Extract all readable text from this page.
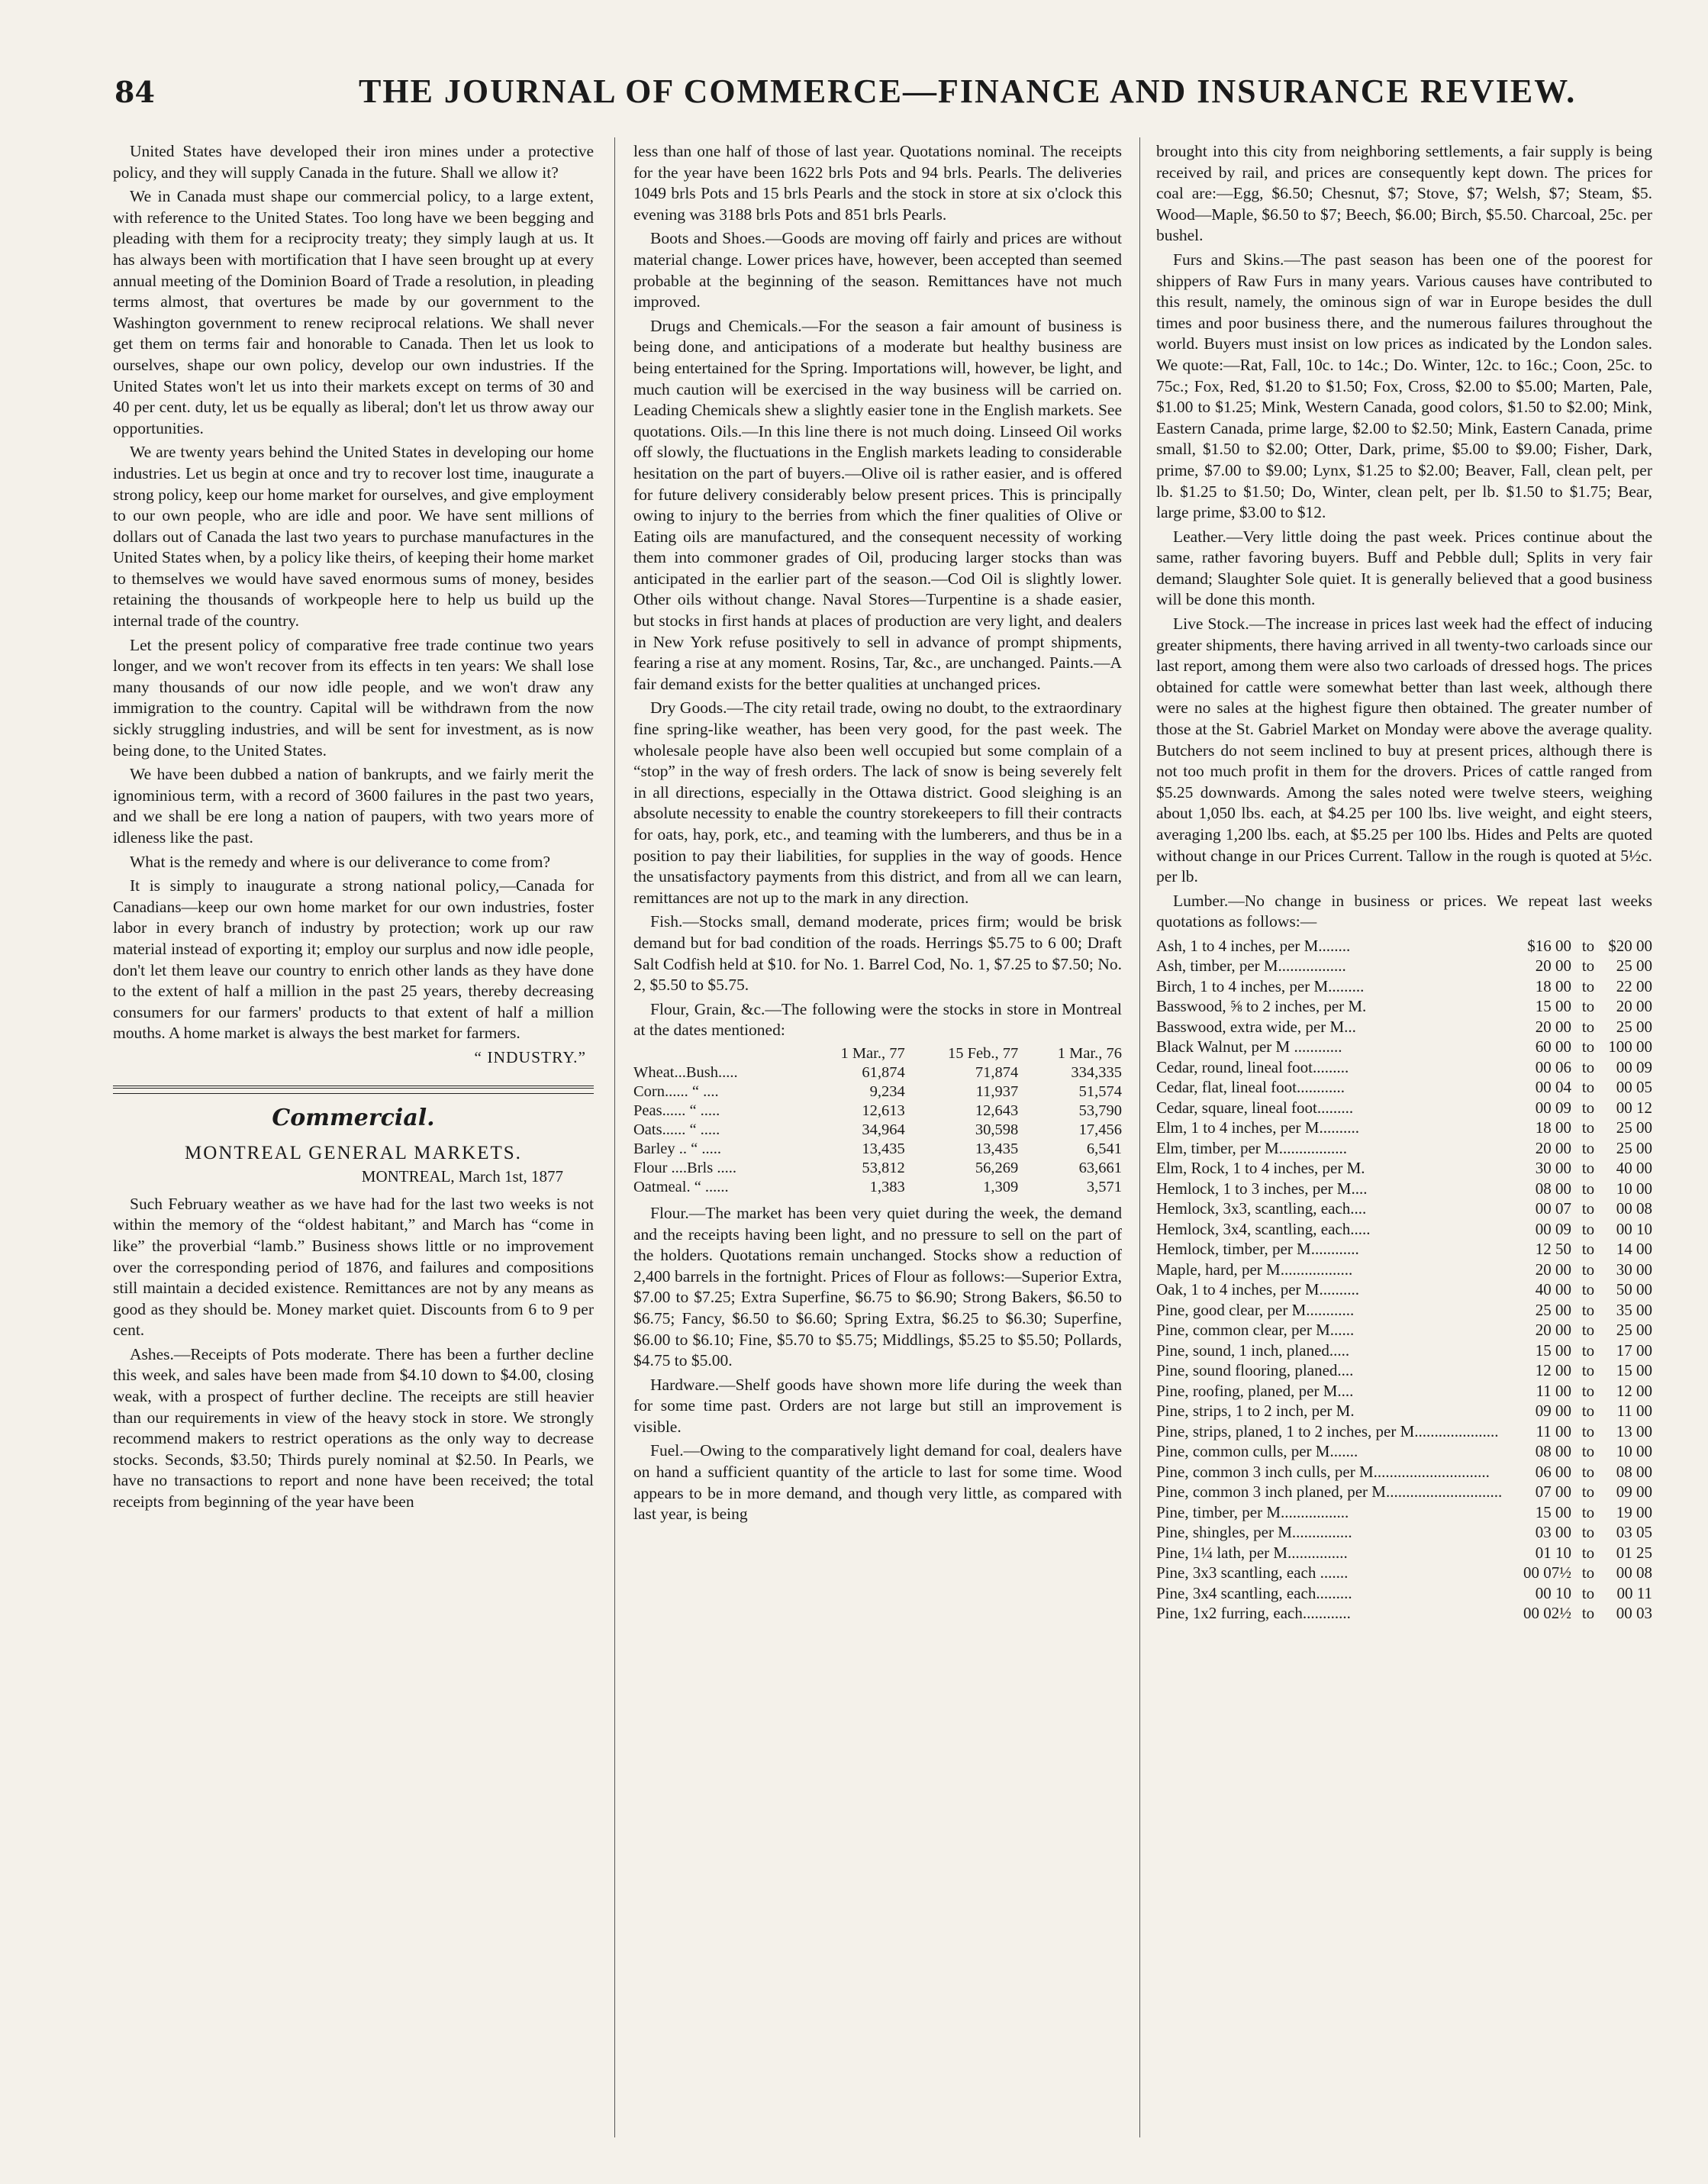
84	THE JOURNAL OF COMMERCE—FINANCE AND INSURANCE REVIEW.

United States have developed their iron mines under a protective policy, and they will supply Canada in the future. Shall we allow it?

We in Canada must shape our commercial policy, to a large extent, with reference to the United States. Too long have we been begging and pleading with them for a reciprocity treaty; they simply laugh at us. It has always been with mortification that I have seen brought up at every annual meeting of the Dominion Board of Trade a resolution, in pleading terms almost, that overtures be made by our government to the Washington government to renew reciprocal relations. We shall never get them on terms fair and honorable to Canada. Then let us look to ourselves, shape our own policy, develop our own industries. If the United States won't let us into their markets except on terms of 30 and 40 per cent. duty, let us be equally as liberal; don't let us throw away our opportunities.

We are twenty years behind the United States in developing our home industries. Let us begin at once and try to recover lost time, inaugurate a strong policy, keep our home market for ourselves, and give employment to our own people, who are idle and poor. We have sent millions of dollars out of Canada the last two years to purchase manufactures in the United States when, by a policy like theirs, of keeping their home market to themselves we would have saved enormous sums of money, besides retaining the thousands of workpeople here to help us build up the internal trade of the country.

Let the present policy of comparative free trade continue two years longer, and we won't recover from its effects in ten years: We shall lose many thousands of our now idle people, and we won't draw any immigration to the country. Capital will be withdrawn from the now sickly struggling industries, and will be sent for investment, as is now being done, to the United States.

We have been dubbed a nation of bankrupts, and we fairly merit the ignominious term, with a record of 3600 failures in the past two years, and we shall be ere long a nation of paupers, with two years more of idleness like the past.

What is the remedy and where is our deliverance to come from?

It is simply to inaugurate a strong national policy,—Canada for Canadians—keep our own home market for our own industries, foster labor in every branch of industry by protection; work up our raw material instead of exporting it; employ our surplus and now idle people, don't let them leave our country to enrich other lands as they have done to the extent of half a million in the past 25 years, thereby decreasing consumers for our farmers' products to that extent of half a million mouths. A home market is always the best market for farmers.

“ INDUSTRY.”
Commercial.
MONTREAL GENERAL MARKETS.
MONTREAL, March 1st, 1877

Such February weather as we have had for the last two weeks is not within the memory of the “oldest habitant,” and March has “come in like” the proverbial “lamb.” Business shows little or no improvement over the corresponding period of 1876, and failures and compositions still maintain a decided existence. Remittances are not by any means as good as they should be. Money market quiet. Discounts from 6 to 9 per cent.

Ashes.—Receipts of Pots moderate. There has been a further decline this week, and sales have been made from $4.10 down to $4.00, closing weak, with a prospect of further decline. The receipts are still heavier than our requirements in view of the heavy stock in store. We strongly recommend makers to restrict operations as the only way to decrease stocks. Seconds, $3.50; Thirds purely nominal at $2.50. In Pearls, we have no transactions to report and none have been received; the total receipts from beginning of the year have been

less than one half of those of last year. Quotations nominal. The receipts for the year have been 1622 brls Pots and 94 brls. Pearls. The deliveries 1049 brls Pots and 15 brls Pearls and the stock in store at six o'clock this evening was 3188 brls Pots and 851 brls Pearls.

Boots and Shoes.—Goods are moving off fairly and prices are without material change. Lower prices have, however, been accepted than seemed probable at the beginning of the season. Remittances have not much improved.

Drugs and Chemicals.—For the season a fair amount of business is being done, and anticipations of a moderate but healthy business are being entertained for the Spring. Importations will, however, be light, and much caution will be exercised in the way business will be carried on. Leading Chemicals shew a slightly easier tone in the English markets. See quotations. Oils.—In this line there is not much doing. Linseed Oil works off slowly, the fluctuations in the English markets leading to considerable hesitation on the part of buyers.—Olive oil is rather easier, and is offered for future delivery considerably below present prices. This is principally owing to injury to the berries from which the finer qualities of Olive or Eating oils are manufactured, and the consequent necessity of working them into commoner grades of Oil, producing larger stocks than was anticipated in the earlier part of the season.—Cod Oil is slightly lower. Other oils without change. Naval Stores—Turpentine is a shade easier, but stocks in first hands at places of production are very light, and dealers in New York refuse positively to sell in advance of prompt shipments, fearing a rise at any moment. Rosins, Tar, &c., are unchanged. Paints.—A fair demand exists for the better qualities at unchanged prices.

Dry Goods.—The city retail trade, owing no doubt, to the extraordinary fine spring-like weather, has been very good, for the past week. The wholesale people have also been well occupied but some complain of a “stop” in the way of fresh orders. The lack of snow is being severely felt in all directions, especially in the Ottawa district. Good sleighing is an absolute necessity to enable the country storekeepers to fill their contracts for oats, hay, pork, etc., and teaming with the lumberers, and thus be in a position to pay their liabilities, for supplies in the way of goods. Hence the unsatisfactory payments from this district, and from all we can learn, remittances are not up to the mark in any direction.

Fish.—Stocks small, demand moderate, prices firm; would be brisk demand but for bad condition of the roads. Herrings $5.75 to 6 00; Draft Salt Codfish held at $10. for No. 1. Barrel Cod, No. 1, $7.25 to $7.50; No. 2, $5.50 to $5.75.

Flour, Grain, &c.—The following were the stocks in store in Montreal at the dates mentioned:

	1 Mar., 77	15 Feb., 77	1 Mar., 76
Wheat...Bush.....	61,874	71,874	334,335
Corn...... “ ....	9,234	11,937	51,574
Peas...... “ .....	12,613	12,643	53,790
Oats...... “ .....	34,964	30,598	17,456
Barley .. “ .....	13,435	13,435	6,541
Flour ....Brls .....	53,812	56,269	63,661
Oatmeal. “ ......	1,383	1,309	3,571

Flour.—The market has been very quiet during the week, the demand and the receipts having been light, and no pressure to sell on the part of the holders. Quotations remain unchanged. Stocks show a reduction of 2,400 barrels in the fortnight. Prices of Flour as follows:—Superior Extra, $7.00 to $7.25; Extra Superfine, $6.75 to $6.90; Strong Bakers, $6.50 to $6.75; Fancy, $6.50 to $6.60; Spring Extra, $6.25 to $6.30; Superfine, $6.00 to $6.10; Fine, $5.70 to $5.75; Middlings, $5.25 to $5.50; Pollards, $4.75 to $5.00.

Hardware.—Shelf goods have shown more life during the week than for some time past. Orders are not large but still an improvement is visible.

Fuel.—Owing to the comparatively light demand for coal, dealers have on hand a sufficient quantity of the article to last for some time. Wood appears to be in more demand, and though very little, as compared with last year, is being

brought into this city from neighboring settlements, a fair supply is being received by rail, and prices are consequently kept down. The prices for coal are:—Egg, $6.50; Chesnut, $7; Stove, $7; Welsh, $7; Steam, $5. Wood—Maple, $6.50 to $7; Beech, $6.00; Birch, $5.50. Charcoal, 25c. per bushel.

Furs and Skins.—The past season has been one of the poorest for shippers of Raw Furs in many years. Various causes have contributed to this result, namely, the ominous sign of war in Europe besides the dull times and poor business there, and the numerous failures throughout the world. Buyers must insist on low prices as indicated by the London sales. We quote:—Rat, Fall, 10c. to 14c.; Do. Winter, 12c. to 16c.; Coon, 25c. to 75c.; Fox, Red, $1.20 to $1.50; Fox, Cross, $2.00 to $5.00; Marten, Pale, $1.00 to $1.25; Mink, Western Canada, good colors, $1.50 to $2.00; Mink, Eastern Canada, prime large, $2.00 to $2.50; Mink, Eastern Canada, prime small, $1.50 to $2.00; Otter, Dark, prime, $5.00 to $9.00; Fisher, Dark, prime, $7.00 to $9.00; Lynx, $1.25 to $2.00; Beaver, Fall, clean pelt, per lb. $1.25 to $1.50; Do, Winter, clean pelt, per lb. $1.50 to $1.75; Bear, large prime, $3.00 to $12.

Leather.—Very little doing the past week. Prices continue about the same, rather favoring buyers. Buff and Pebble dull; Splits in very fair demand; Slaughter Sole quiet. It is generally believed that a good business will be done this month.

Live Stock.—The increase in prices last week had the effect of inducing greater shipments, there having arrived in all twenty-two carloads since our last report, among them were also two carloads of dressed hogs. The prices obtained for cattle were somewhat better than last week, although there were no sales at the highest figure then obtained. The greater number of those at the St. Gabriel Market on Monday were above the average quality. Butchers do not seem inclined to buy at present prices, although there is not too much profit in them for the drovers. Prices of cattle ranged from $5.25 downwards. Among the sales noted were twelve steers, weighing about 1,050 lbs. each, at $4.25 per 100 lbs. live weight, and eight steers, averaging 1,200 lbs. each, at $5.25 per 100 lbs. Hides and Pelts are quoted without change in our Prices Current. Tallow in the rough is quoted at 5½c. per lb.

Lumber.—No change in business or prices. We repeat last weeks quotations as follows:—

Ash, 1 to 4 inches, per M........	$16 00	to	$20 00
Ash, timber, per M.................	20 00	to	25 00
Birch, 1 to 4 inches, per M.........	18 00	to	22 00
Basswood, ⅝ to 2 inches, per M.	15 00	to	20 00
Basswood, extra wide, per M...	20 00	to	25 00
Black Walnut, per M ............	60 00	to	100 00
Cedar, round, lineal foot.........	00 06	to	00 09
Cedar, flat, lineal foot............	00 04	to	00 05
Cedar, square, lineal foot.........	00 09	to	00 12
Elm, 1 to 4 inches, per M..........	18 00	to	25 00
Elm, timber, per M.................	20 00	to	25 00
Elm, Rock, 1 to 4 inches, per M.	30 00	to	40 00
Hemlock, 1 to 3 inches, per M....	08 00	to	10 00
Hemlock, 3x3, scantling, each....	00 07	to	00 08
Hemlock, 3x4, scantling, each.....	00 09	to	00 10
Hemlock, timber, per M............	12 50	to	14 00
Maple, hard, per M..................	20 00	to	30 00
Oak, 1 to 4 inches, per M..........	40 00	to	50 00
Pine, good clear, per M............	25 00	to	35 00
Pine, common clear, per M......	20 00	to	25 00
Pine, sound, 1 inch, planed.....	15 00	to	17 00
Pine, sound flooring, planed....	12 00	to	15 00
Pine, roofing, planed, per M....	11 00	to	12 00
Pine, strips, 1 to 2 inch, per M.	09 00	to	11 00
Pine, strips, planed, 1 to 2 inches, per M.....................	11 00	to	13 00
Pine, common culls, per M.......	08 00	to	10 00
Pine, common 3 inch culls, per M.............................	06 00	to	08 00
Pine, common 3 inch planed, per M.............................	07 00	to	09 00
Pine, timber, per M.................	15 00	to	19 00
Pine, shingles, per M...............	03 00	to	03 05
Pine, 1¼ lath, per M...............	01 10	to	01 25
Pine, 3x3 scantling, each .......	00 07½	to	00 08
Pine, 3x4 scantling, each.........	00 10	to	00 11
Pine, 1x2 furring, each............	00 02½	to	00 03
